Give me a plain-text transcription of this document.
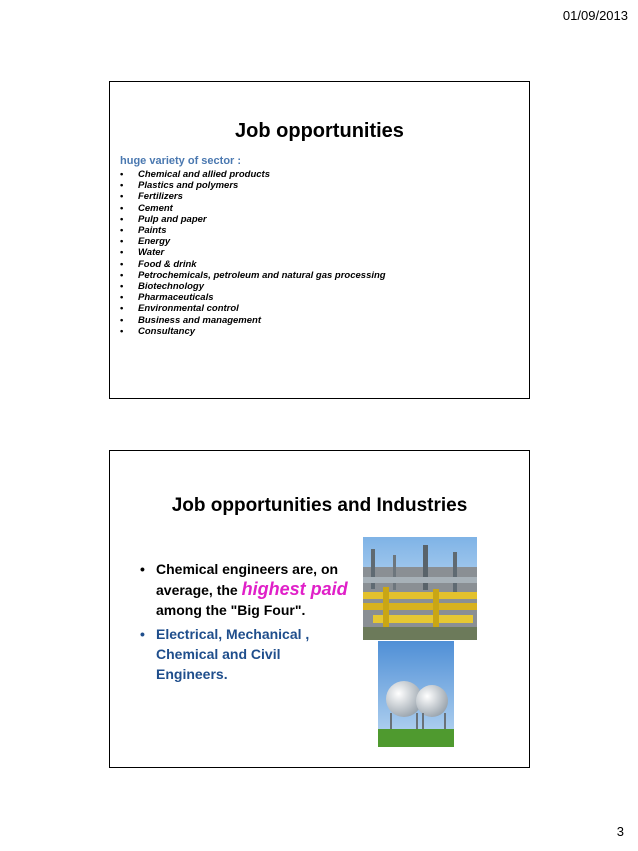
01/09/2013
Job opportunities
huge variety of sector :
• Chemical and allied products
• Plastics and polymers
• Fertilizers
• Cement
• Pulp and paper
• Paints
• Energy
• Water
• Food & drink
• Petrochemicals, petroleum and natural gas processing
• Biotechnology
• Pharmaceuticals
• Environmental control
• Business and management
• Consultancy
Job opportunities and Industries
• Chemical engineers are, on average, the highest paid among the "Big Four".
• Electrical, Mechanical , Chemical and Civil Engineers.
3
